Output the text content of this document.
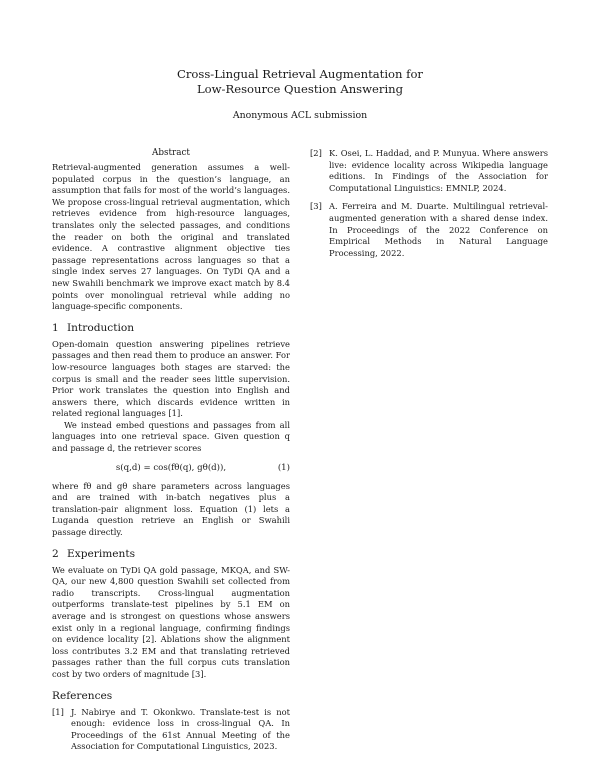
Cross-Lingual Retrieval Augmentation for
Low-Resource Question Answering
Anonymous ACL submission
Abstract

Retrieval-augmented generation assumes a well-populated corpus in the question’s language, an assumption that fails for most of the world’s languages. We propose cross-lingual retrieval augmentation, which retrieves evidence from high-resource languages, translates only the selected passages, and conditions the reader on both the original and translated evidence. A contrastive alignment objective ties passage representations across languages so that a single index serves 27 languages. On TyDi QA and a new Swahili benchmark we improve exact match by 8.4 points over monolingual retrieval while adding no language-specific components.

1 Introduction

Open-domain question answering pipelines retrieve passages and then read them to produce an answer. For low-resource languages both stages are starved: the corpus is small and the reader sees little supervision. Prior work translates the question into English and answers there, which discards evidence written in related regional languages [1].

We instead embed questions and passages from all languages into one retrieval space. Given question q and passage d, the retriever scores

s(q,d) = cos(fθ(q), gθ(d)),	(1)

where fθ and gθ share parameters across languages and are trained with in-batch negatives plus a translation-pair alignment loss. Equation (1) lets a Luganda question retrieve an English or Swahili passage directly.

2 Experiments

We evaluate on TyDi QA gold passage, MKQA, and SW-QA, our new 4,800 question Swahili set collected from radio transcripts. Cross-lingual augmentation outperforms translate-test pipelines by 5.1 EM on average and is strongest on questions whose answers exist only in a regional language, confirming findings on evidence locality [2]. Ablations show the alignment loss contributes 3.2 EM and that translating retrieved passages rather than the full corpus cuts translation cost by two orders of magnitude [3].

References
[1] J. Nabirye and T. Okonkwo. Translate-test is not enough: evidence loss in cross-lingual QA. In Proceedings of the 61st Annual Meeting of the Association for Computational Linguistics, 2023.
[2] K. Osei, L. Haddad, and P. Munyua. Where answers live: evidence locality across Wikipedia language editions. In Findings of the Association for Computational Linguistics: EMNLP, 2024.
[3] A. Ferreira and M. Duarte. Multilingual retrieval-augmented generation with a shared dense index. In Proceedings of the 2022 Conference on Empirical Methods in Natural Language Processing, 2022.
